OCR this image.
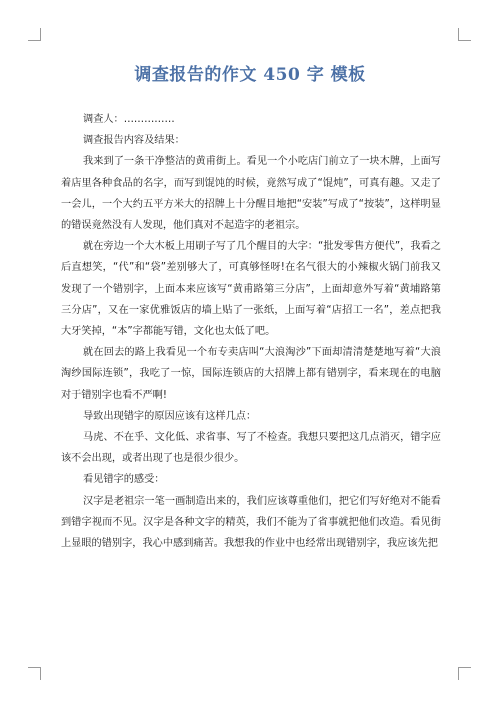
调查报告的作文 450 字 模板

调查人：……………

调查报告内容及结果：

我来到了一条干净整洁的黄甫街上。看见一个小吃店门前立了一块木牌，上面写着店里各种食品的名字，而写到馄饨的时候，竟然写成了“馄炖”，可真有趣。又走了一会儿，一个大约五平方米大的招牌上十分醒目地把“安装”写成了“按装”，这样明显的错误竟然没有人发现，他们真对不起造字的老祖宗。

就在旁边一个大木板上用刷子写了几个醒目的大字：“批发零售方便代”，我看之后直想笑，“代”和“袋”差别够大了，可真够怪呀!在名气很大的小辣椒火锅门前我又发现了一个错别字，上面本来应该写“黄甫路第三分店”，上面却意外写着“黄埔路第三分店”，又在一家优雅饭店的墙上贴了一张纸，上面写着“店招工一名”，差点把我大牙笑掉，“本”字都能写错，文化也太低了吧。

就在回去的路上我看见一个布专卖店叫“大浪淘沙”下面却清清楚楚地写着“大浪淘纱国际连锁”，我吃了一惊，国际连锁店的大招牌上都有错别字，看来现在的电脑对于错别字也看不严啊!

导致出现错字的原因应该有这样几点：

马虎、不在乎、文化低、求省事、写了不检查。我想只要把这几点消灭，错字应该不会出现，或者出现了也是很少很少。

看见错字的感受：

汉字是老祖宗一笔一画制造出来的，我们应该尊重他们，把它们写好绝对不能看到错字视而不见。汉字是各种文字的精英，我们不能为了省事就把他们改造。看见街上显眼的错别字，我心中感到痛苦。我想我的作业中也经常出现错别字，我应该先把
